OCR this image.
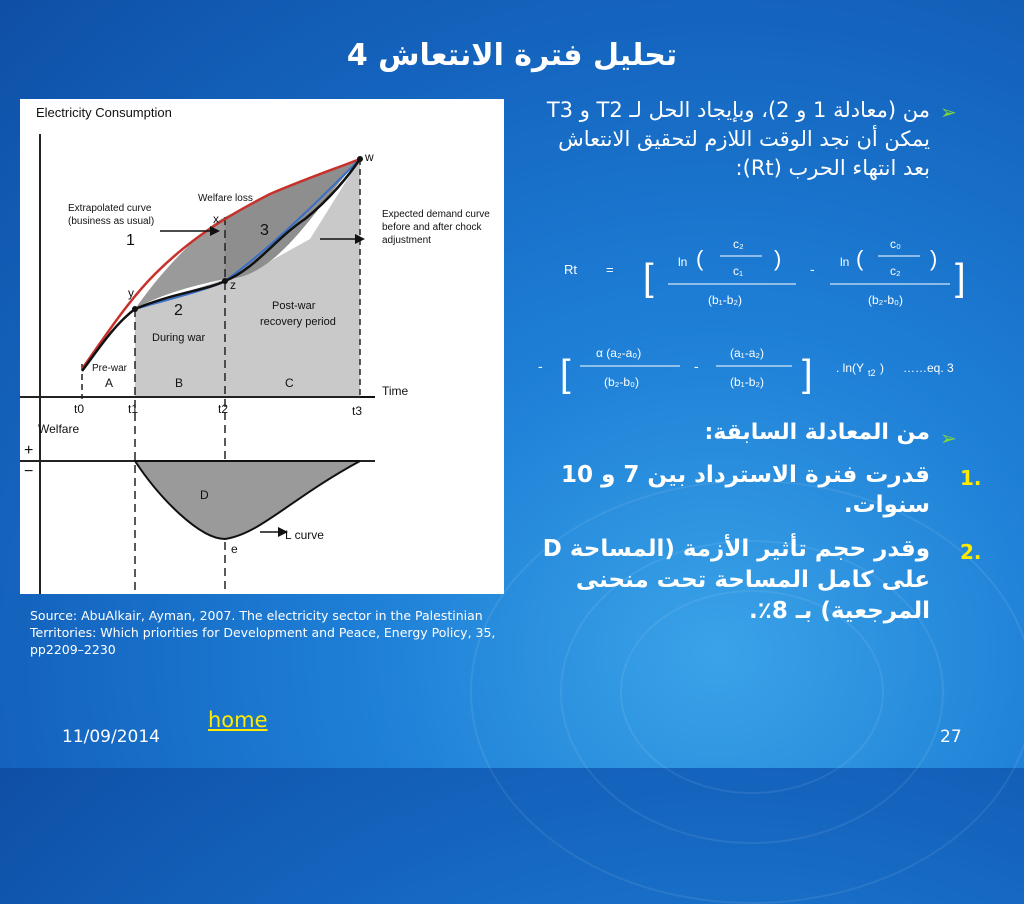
تحليل فترة الانتعاش 4
Electricity Consumption
Extrapolated curve
(business as usual)
Welfare loss
Expected demand curve
before and after chock
adjustment
Post-war
recovery period
During war
Pre-war
Time
Welfare
+
−
L curve
D
w
x
y
z
e
1
2
3
A	B	C
t0	t1	t2	t3
Source: AbuAlkair, Ayman, 2007. The electricity sector in the Palestinian Territories: Which priorities for Development and Peace, Energy Policy, 35, pp2209–2230
➢
من (معادلة 1 و 2)، وبإيجاد الحل لـ T2 و T3 يمكن أن نجد الوقت اللازم لتحقيق الانتعاش بعد انتهاء الحرب (Rt):
Rt = [ ln (
c₂
c₁ )
(b₁-b₂)
- ln (
c₀
c₂ )
(b₂-b₀)
]
- [ α (a₂-a₀)
(b₂-b₀)
-
(a₁-a₂)
(b₁-b₂) ] . ln(Y t2 ) ……eq. 3
➢
من المعادلة السابقة:
1.
قدرت فترة الاسترداد بين 7 و 10 سنوات.
2.
وقدر حجم تأثير الأزمة (المساحة D على كامل المساحة تحت منحنى المرجعية) بـ 8٪.
home
11/09/2014	27
